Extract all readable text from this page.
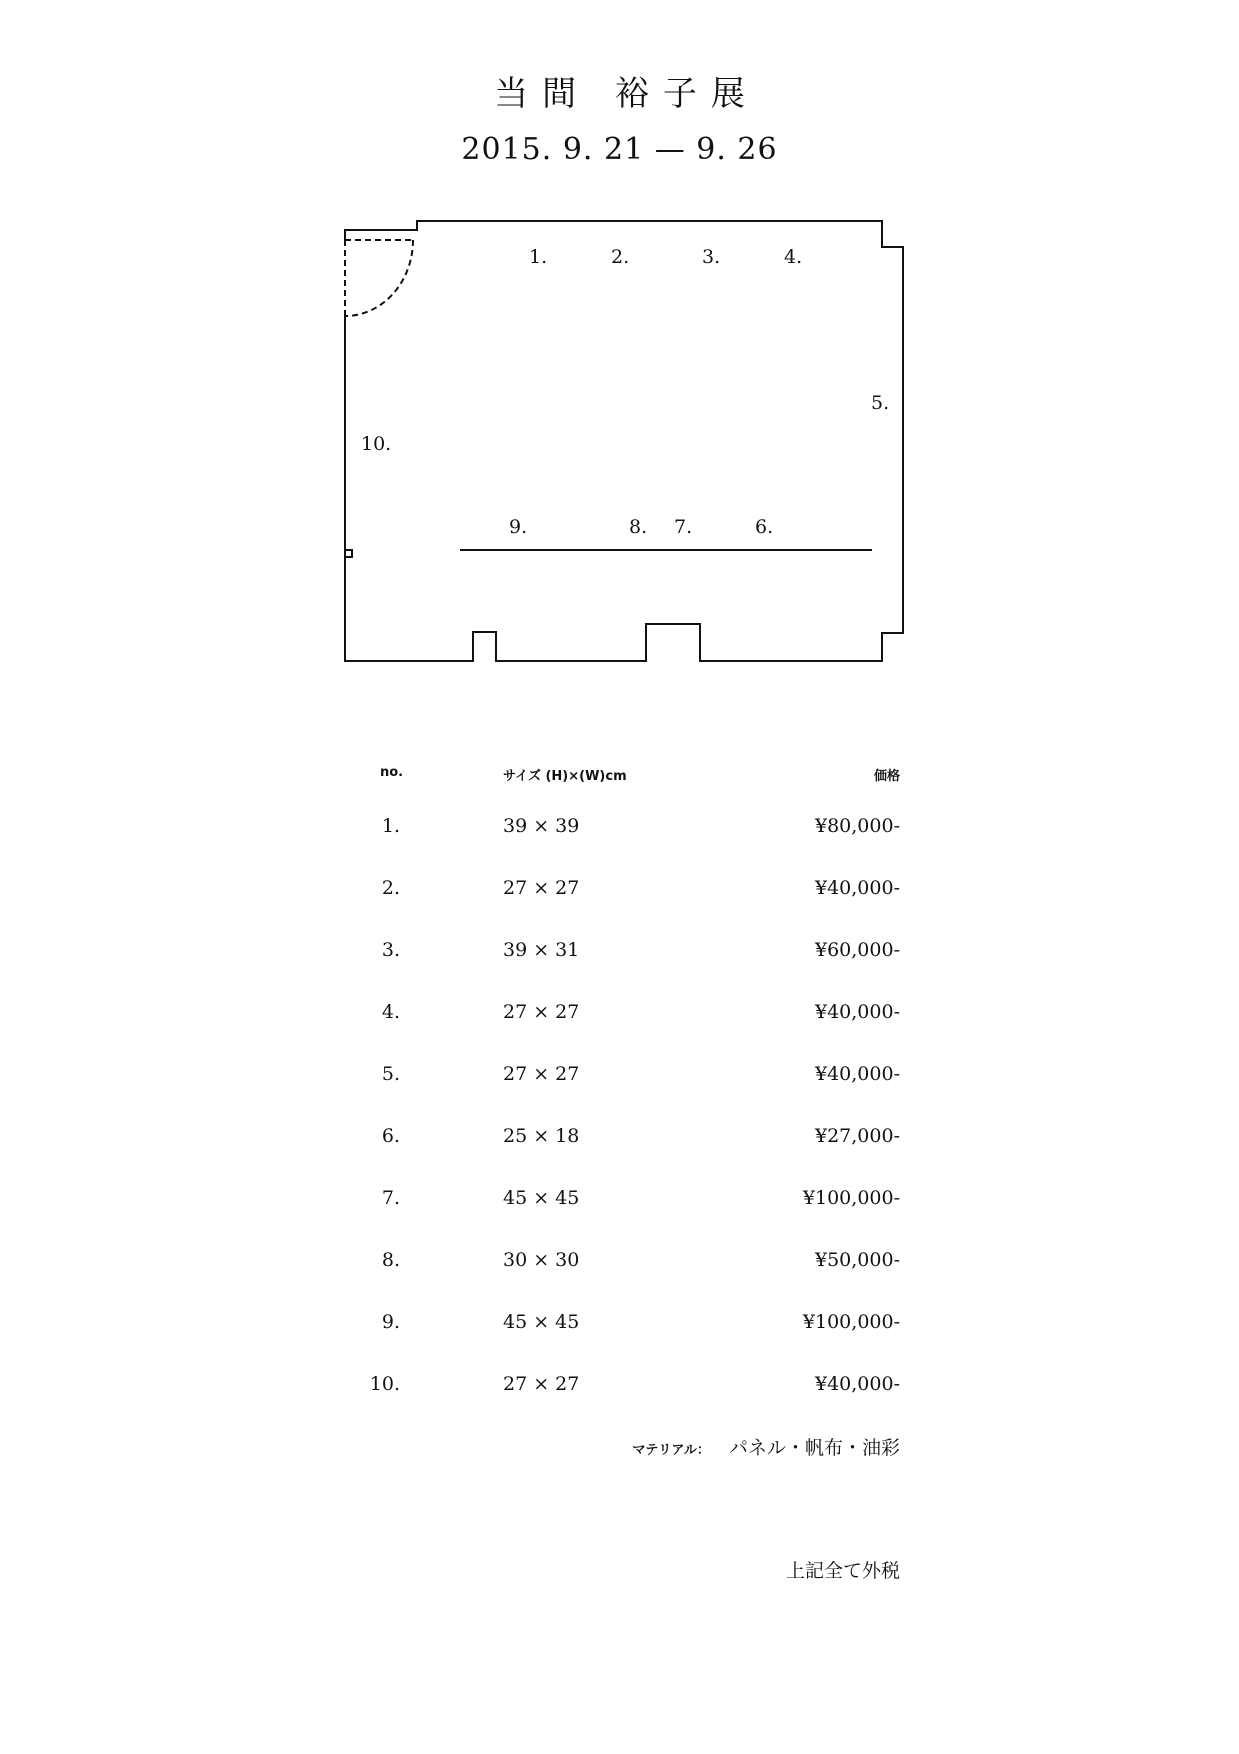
当間 裕子展
2015. 9. 21 — 9. 26
1.	2.	3.	4.
5.
6.
7.
8.
9.
10.
no.	サイズ (H)×(W)cm	価格
1.	39 × 39	¥80,000-
2.	27 × 27	¥40,000-
3.	39 × 31	¥60,000-
4.	27 × 27	¥40,000-
5.	27 × 27	¥40,000-
6.	25 × 18	¥27,000-
7.	45 × 45	¥100,000-
8.	30 × 30	¥50,000-
9.	45 × 45	¥100,000-
10.	27 × 27	¥40,000-
マテリアル： パネル・帆布・油彩
上記全て外税
